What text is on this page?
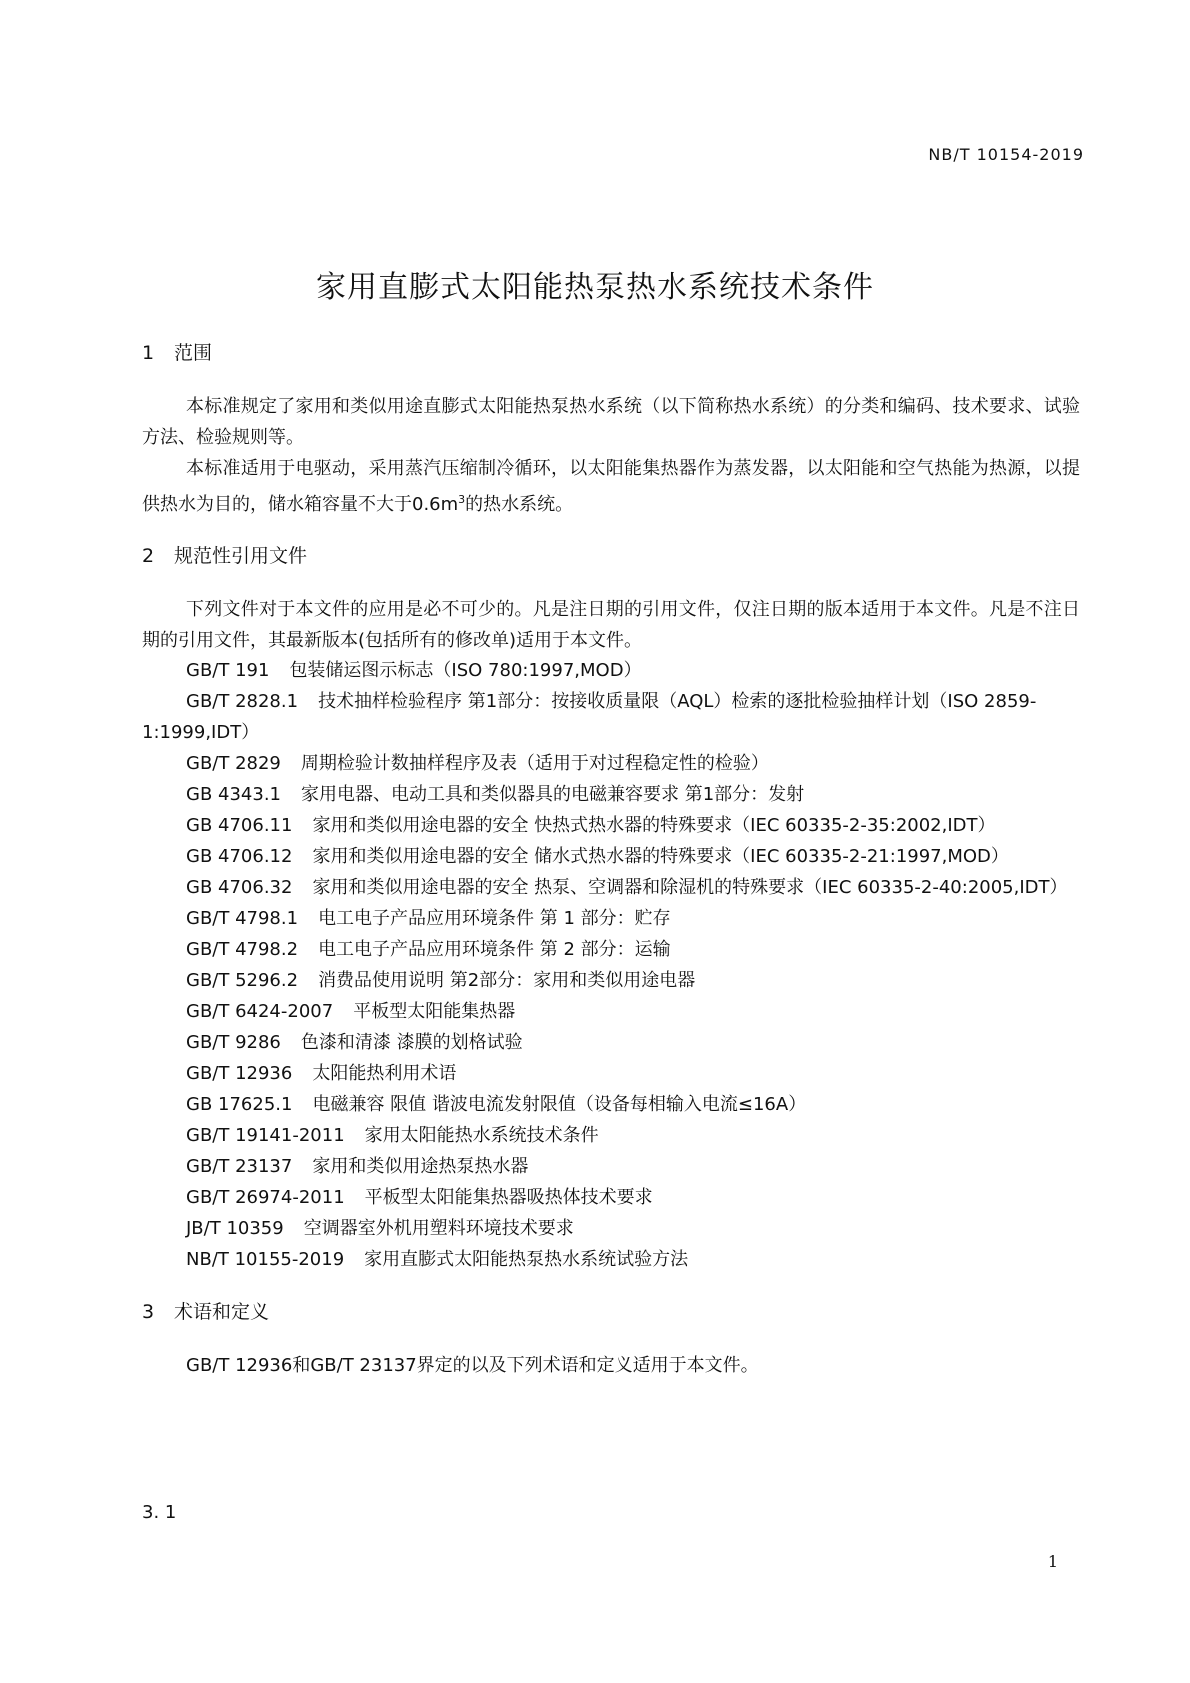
NB/T 10154-2019
家用直膨式太阳能热泵热水系统技术条件
1 范围

本标准规定了家用和类似用途直膨式太阳能热泵热水系统（以下简称热水系统）的分类和编码、技术要求、试验方法、检验规则等。

本标准适用于电驱动，采用蒸汽压缩制冷循环，以太阳能集热器作为蒸发器，以太阳能和空气热能为热源，以提供热水为目的，储水箱容量不大于$0.6m^3$的热水系统。

2 规范性引用文件

下列文件对于本文件的应用是必不可少的。凡是注日期的引用文件，仅注日期的版本适用于本文件。凡是不注日期的引用文件，其最新版本(包括所有的修改单)适用于本文件。

GB/T 191 包装储运图示标志（ISO 780:1997,MOD）
GB/T 2828.1 技术抽样检验程序 第1部分：按接收质量限（AQL）检索的逐批检验抽样计划（ISO 2859-1:1999,IDT）
GB/T 2829 周期检验计数抽样程序及表（适用于对过程稳定性的检验）
GB 4343.1 家用电器、电动工具和类似器具的电磁兼容要求 第1部分：发射
GB 4706.11 家用和类似用途电器的安全 快热式热水器的特殊要求（IEC 60335-2-35:2002,IDT）
GB 4706.12 家用和类似用途电器的安全 储水式热水器的特殊要求（IEC 60335-2-21:1997,MOD）
GB 4706.32 家用和类似用途电器的安全 热泵、空调器和除湿机的特殊要求（IEC 60335-2-40:2005,IDT）
GB/T 4798.1 电工电子产品应用环境条件 第 1 部分：贮存
GB/T 4798.2 电工电子产品应用环境条件 第 2 部分：运输
GB/T 5296.2 消费品使用说明 第2部分：家用和类似用途电器
GB/T 6424-2007 平板型太阳能集热器
GB/T 9286 色漆和清漆 漆膜的划格试验
GB/T 12936 太阳能热利用术语
GB 17625.1 电磁兼容 限值 谐波电流发射限值（设备每相输入电流≤16A）
GB/T 19141-2011 家用太阳能热水系统技术条件
GB/T 23137 家用和类似用途热泵热水器
GB/T 26974-2011 平板型太阳能集热器吸热体技术要求
JB/T 10359 空调器室外机用塑料环境技术要求
NB/T 10155-2019 家用直膨式太阳能热泵热水系统试验方法
3 术语和定义

GB/T 12936和GB/T 23137界定的以及下列术语和定义适用于本文件。

3. 1
1
